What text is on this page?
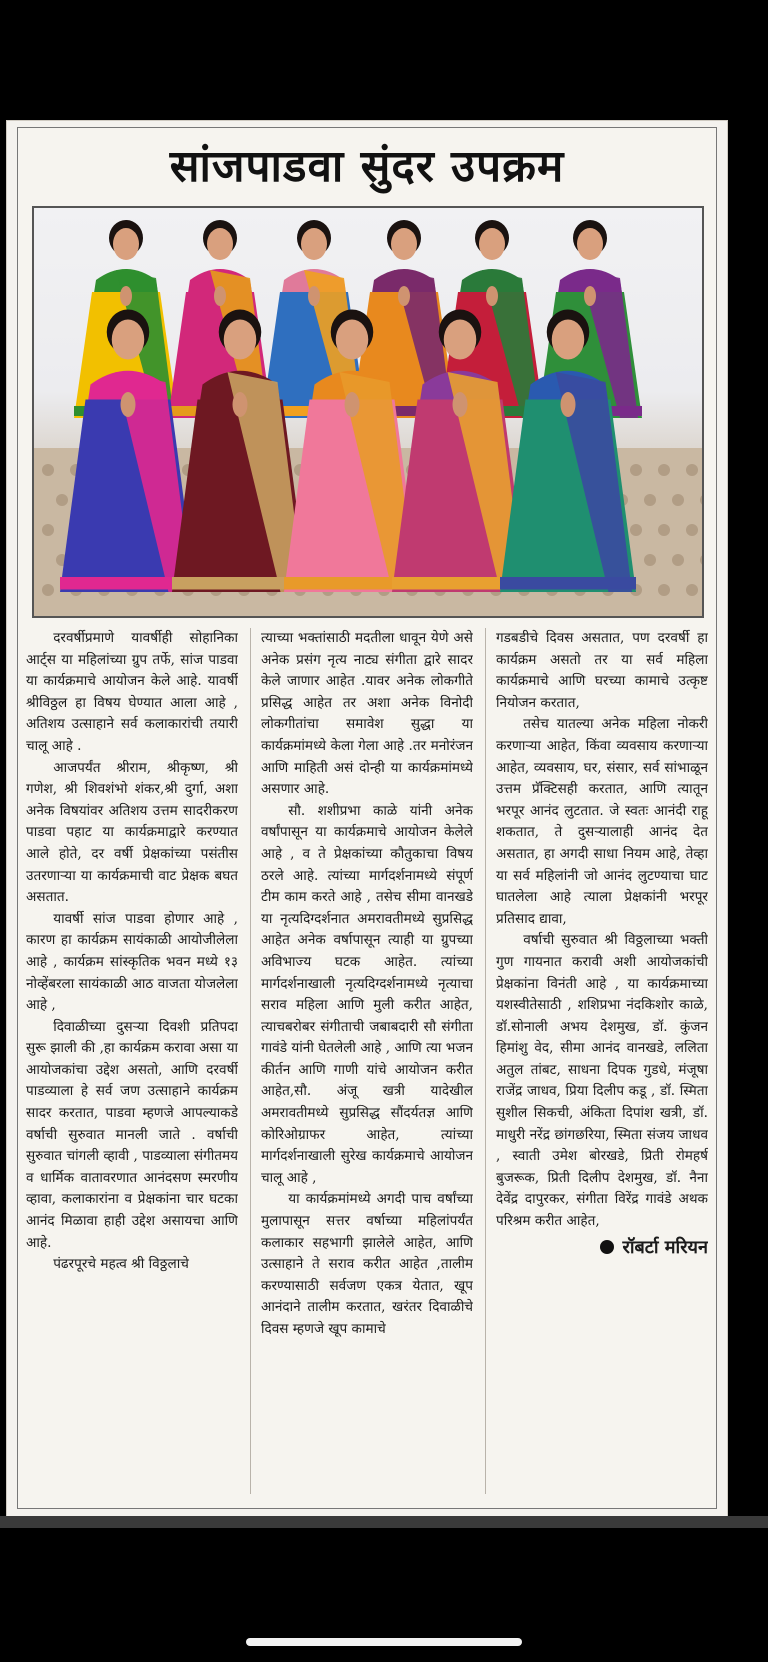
सांजपाडवा सुंदर उपक्रम

दरवर्षीप्रमाणे यावर्षीही सोहानिका आर्ट्स या महिलांच्या ग्रुप तर्फे, सांज पाडवा या कार्यक्रमाचे आयोजन केले आहे. यावर्षी श्रीविठ्ठल हा विषय घेण्यात आला आहे , अतिशय उत्साहाने सर्व कलाकारांची तयारी चालू आहे .

आजपर्यंत श्रीराम, श्रीकृष्ण, श्री गणेश, श्री शिवशंभो शंकर,श्री दुर्गा, अशा अनेक विषयांवर अतिशय उत्तम सादरीकरण पाडवा पहाट या कार्यक्रमाद्वारे करण्यात आले होते, दर वर्षी प्रेक्षकांच्या पसंतीस उतरणार्‍या या कार्यक्रमाची वाट प्रेक्षक बघत असतात.

यावर्षी सांज पाडवा होणार आहे , कारण हा कार्यक्रम सायंकाळी आयोजीलेला आहे , कार्यक्रम सांस्कृतिक भवन मध्ये १३ नोव्हेंबरला सायंकाळी आठ वाजता योजलेला आहे ,

दिवाळीच्या दुसर्‍या दिवशी प्रतिपदा सुरू झाली की ,हा कार्यक्रम करावा असा या आयोजकांचा उद्देश असतो, आणि दरवर्षी पाडव्याला हे सर्व जण उत्साहाने कार्यक्रम सादर करतात, पाडवा म्हणजे आपल्याकडे वर्षाची सुरुवात मानली जाते . वर्षाची सुरुवात चांगली व्हावी , पाडव्याला संगीतमय व धार्मिक वातावरणात आनंदसण स्मरणीय व्हावा, कलाकारांना व प्रेक्षकांना चार घटका आनंद मिळावा हाही उद्देश असायचा आणि आहे.

पंढरपूरचे महत्व श्री विठ्ठलाचे

त्याच्या भक्तांसाठी मदतीला धावून येणे असे अनेक प्रसंग नृत्य नाट्य संगीता द्वारे सादर केले जाणार आहेत .यावर अनेक लोकगीते प्रसिद्ध आहेत तर अशा अनेक विनोदी लोकगीतांचा समावेश सुद्धा या कार्यक्रमांमध्ये केला गेला आहे .तर मनोरंजन आणि माहिती असं दोन्ही या कार्यक्रमांमध्ये असणार आहे.

सौ. शशीप्रभा काळे यांनी अनेक वर्षांपासून या कार्यक्रमाचे आयोजन केलेले आहे , व ते प्रेक्षकांच्या कौतुकाचा विषय ठरले आहे. त्यांच्या मार्गदर्शनामध्ये संपूर्ण टीम काम करते आहे , तसेच सीमा वानखडे या नृत्यदिग्दर्शनात अमरावतीमध्ये सुप्रसिद्ध आहेत अनेक वर्षापासून त्याही या ग्रुपच्या अविभाज्य घटक आहेत. त्यांच्या मार्गदर्शनाखाली नृत्यदिग्दर्शनामध्ये नृत्याचा सराव महिला आणि मुली करीत आहेत, त्याचबरोबर संगीताची जबाबदारी सौ संगीता गावंडे यांनी घेतलेली आहे , आणि त्या भजन कीर्तन आणि गाणी यांचे आयोजन करीत आहेत,सौ. अंजू खत्री यादेखील अमरावतीमध्ये सुप्रसिद्ध सौंदर्यतज्ञ आणि कोरिओग्राफर आहेत, त्यांच्या मार्गदर्शनाखाली सुरेख कार्यक्रमाचे आयोजन चालू आहे ,

या कार्यक्रमांमध्ये अगदी पाच वर्षांच्या मुलापासून सत्तर वर्षाच्या महिलांपर्यंत कलाकार सहभागी झालेले आहेत, आणि उत्साहाने ते सराव करीत आहेत ,तालीम करण्यासाठी सर्वजण एकत्र येतात, खूप आनंदाने तालीम करतात, खरंतर दिवाळीचे दिवस म्हणजे खूप कामाचे

गडबडीचे दिवस असतात, पण दरवर्षी हा कार्यक्रम असतो तर या सर्व महिला कार्यक्रमाचे आणि घरच्या कामाचे उत्कृष्ट नियोजन करतात,

तसेच यातल्या अनेक महिला नोकरी करणार्‍या आहेत, किंवा व्यवसाय करणार्‍या आहेत, व्यवसाय, घर, संसार, सर्व सांभाळून उत्तम प्रॅक्टिसही करतात, आणि त्यातून भरपूर आनंद लुटतात. जे स्वतः आनंदी राहू शकतात, ते दुसर्‍यालाही आनंद देत असतात, हा अगदी साधा नियम आहे, तेव्हा या सर्व महिलांनी जो आनंद लुटण्याचा घाट घातलेला आहे त्याला प्रेक्षकांनी भरपूर प्रतिसाद द्यावा,

वर्षाची सुरुवात श्री विठ्ठलाच्या भक्ती गुण गायनात करावी अशी आयोजकांची प्रेक्षकांना विनंती आहे , या कार्यक्रमाच्या यशस्वीतेसाठी , शशिप्रभा नंदकिशोर काळे, डॉ.सोनाली अभय देशमुख, डॉ. कुंजन हिमांशु वेद, सीमा आनंद वानखडे, ललिता अतुल तांबट, साधना दिपक गुडधे, मंजूषा राजेंद्र जाधव, प्रिया दिलीप कडू , डॉ. स्मिता सुशील सिकची, अंकिता दिपांश खत्री, डॉ. माधुरी नरेंद्र छांगछरिया, स्मिता संजय जाधव , स्वाती उमेश बोरखडे, प्रिती रोमहर्ष बुजरूक, प्रिती दिलीप देशमुख, डॉ. नैना देवेंद्र दापुरकर, संगीता विरेंद्र गावंडे अथक परिश्रम करीत आहेत,

रॉबर्टा मरियन
